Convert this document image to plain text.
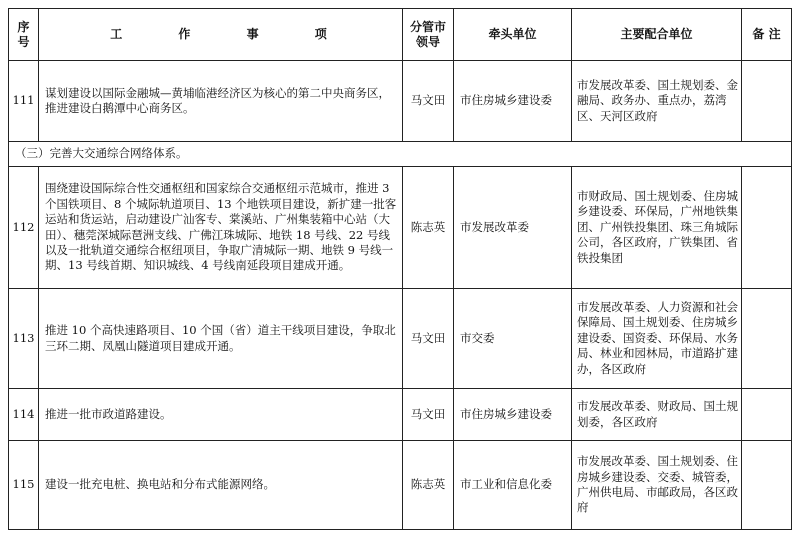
序号	工 作 事 项	分管市领导	牵头单位	主要配合单位	备 注
111	谋划建设以国际金融城—黄埔临港经济区为核心的第二中央商务区，推进建设白鹅潭中心商务区。	马文田	市住房城乡建设委	市发展改革委、国土规划委、金融局、政务办、重点办，荔湾区、天河区政府	
（三）完善大交通综合网络体系。					
112	围绕建设国际综合性交通枢纽和国家综合交通枢纽示范城市，推进 3 个国铁项目、8 个城际轨道项目、13 个地铁项目建设，新扩建一批客运站和货运站，启动建设广汕客专、棠溪站、广州集装箱中心站（大田）、穗莞深城际琶洲支线、广佛江珠城际、地铁 18 号线、22 号线以及一批轨道交通综合枢纽项目，争取广清城际一期、地铁 9 号线一期、13 号线首期、知识城线、4 号线南延段项目建成开通。	陈志英	市发展改革委	市财政局、国土规划委、住房城乡建设委、环保局，广州地铁集团、广州铁投集团、珠三角城际公司，各区政府，广铁集团、省铁投集团	
113	推进 10 个高快速路项目、10 个国（省）道主干线项目建设，争取北三环二期、凤凰山隧道项目建成开通。	马文田	市交委	市发展改革委、人力资源和社会保障局、国土规划委、住房城乡建设委、国资委、环保局、水务局、林业和园林局，市道路扩建办，各区政府	
114	推进一批市政道路建设。	马文田	市住房城乡建设委	市发展改革委、财政局、国土规划委，各区政府	
115	建设一批充电桩、换电站和分布式能源网络。	陈志英	市工业和信息化委	市发展改革委、国土规划委、住房城乡建设委、交委、城管委，广州供电局、市邮政局，各区政府	
